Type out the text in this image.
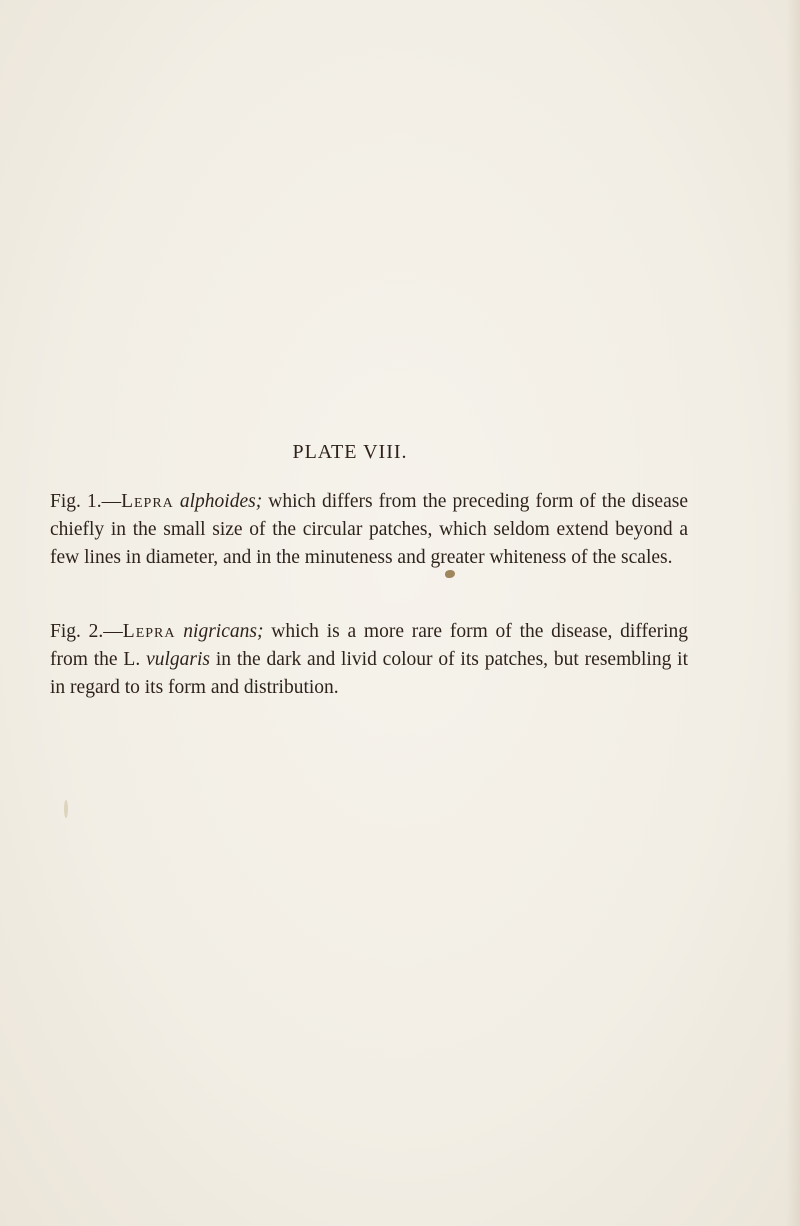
PLATE VIII.

Fig. 1.—Lepra alphoides; which differs from the preceding form of the disease chiefly in the small size of the circular patches, which seldom extend beyond a few lines in diameter, and in the minuteness and greater whiteness of the scales.

Fig. 2.—Lepra nigricans; which is a more rare form of the disease, differing from the L. vulgaris in the dark and livid colour of its patches, but resembling it in regard to its form and distribution.
